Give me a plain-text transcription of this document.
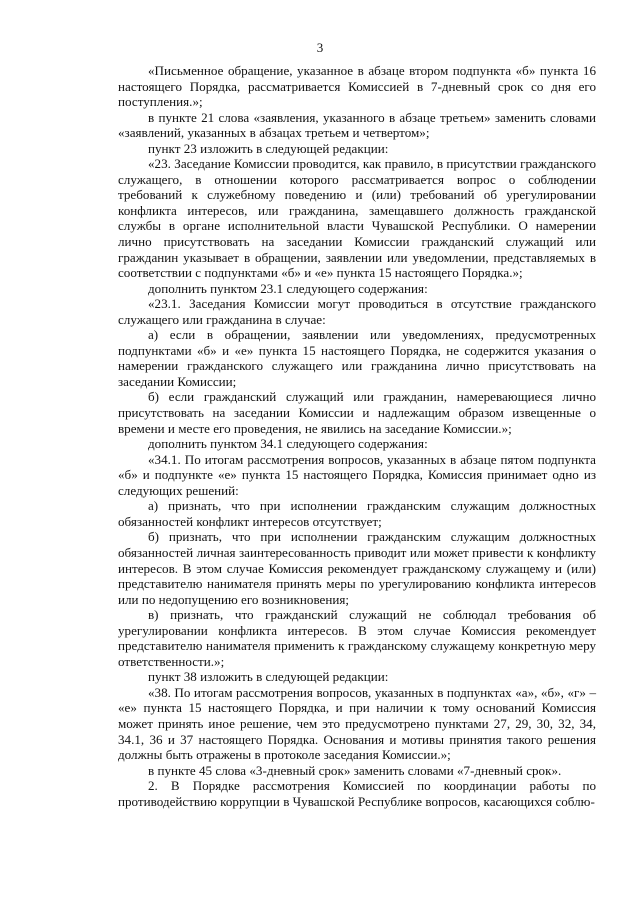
3

«Письменное обращение, указанное в абзаце втором подпункта «б» пункта 16 настоящего Порядка, рассматривается Комиссией в 7-дневный срок со дня его поступления.»;

в пункте 21 слова «заявления, указанного в абзаце третьем» заменить словами «заявлений, указанных в абзацах третьем и четвертом»;

пункт 23 изложить в следующей редакции:

«23. Заседание Комиссии проводится, как правило, в присутствии гражданского служащего, в отношении которого рассматривается вопрос о соблюдении требований к служебному поведению и (или) требований об урегулировании конфликта интересов, или гражданина, замещавшего должность гражданской службы в органе исполнительной власти Чувашской Республики. О намерении лично присутствовать на заседании Комиссии гражданский служащий или гражданин указывает в обращении, заявлении или уведомлении, представляемых в соответствии с подпунктами «б» и «е» пункта 15 настоящего Порядка.»;

дополнить пунктом 23.1 следующего содержания:

«23.1. Заседания Комиссии могут проводиться в отсутствие гражданского служащего или гражданина в случае:

а) если в обращении, заявлении или уведомлениях, предусмотренных подпунктами «б» и «е» пункта 15 настоящего Порядка, не содержится указания о намерении гражданского служащего или гражданина лично присутствовать на заседании Комиссии;

б) если гражданский служащий или гражданин, намеревающиеся лично присутствовать на заседании Комиссии и надлежащим образом извещенные о времени и месте его проведения, не явились на заседание Комиссии.»;

дополнить пунктом 34.1 следующего содержания:

«34.1. По итогам рассмотрения вопросов, указанных в абзаце пятом подпункта «б» и подпункте «е» пункта 15 настоящего Порядка, Комиссия принимает одно из следующих решений:

а) признать, что при исполнении гражданским служащим должностных обязанностей конфликт интересов отсутствует;

б) признать, что при исполнении гражданским служащим должностных обязанностей личная заинтересованность приводит или может привести к конфликту интересов. В этом случае Комиссия рекомендует гражданскому служащему и (или) представителю нанимателя принять меры по урегулированию конфликта интересов или по недопущению его возникновения;

в) признать, что гражданский служащий не соблюдал требования об урегулировании конфликта интересов. В этом случае Комиссия рекомендует представителю нанимателя применить к гражданскому служащему конкретную меру ответственности.»;

пункт 38 изложить в следующей редакции:

«38. По итогам рассмотрения вопросов, указанных в подпунктах «а», «б», «г» – «е» пункта 15 настоящего Порядка, и при наличии к тому оснований Комиссия может принять иное решение, чем это предусмотрено пунктами 27, 29, 30, 32, 34, 34.1, 36 и 37 настоящего Порядка. Основания и мотивы принятия такого решения должны быть отражены в протоколе заседания Комиссии.»;

в пункте 45 слова «3-дневный срок» заменить словами «7-дневный срок».

2. В Порядке рассмотрения Комиссией по координации работы по противодействию коррупции в Чувашской Республике вопросов, касающихся соблю-
